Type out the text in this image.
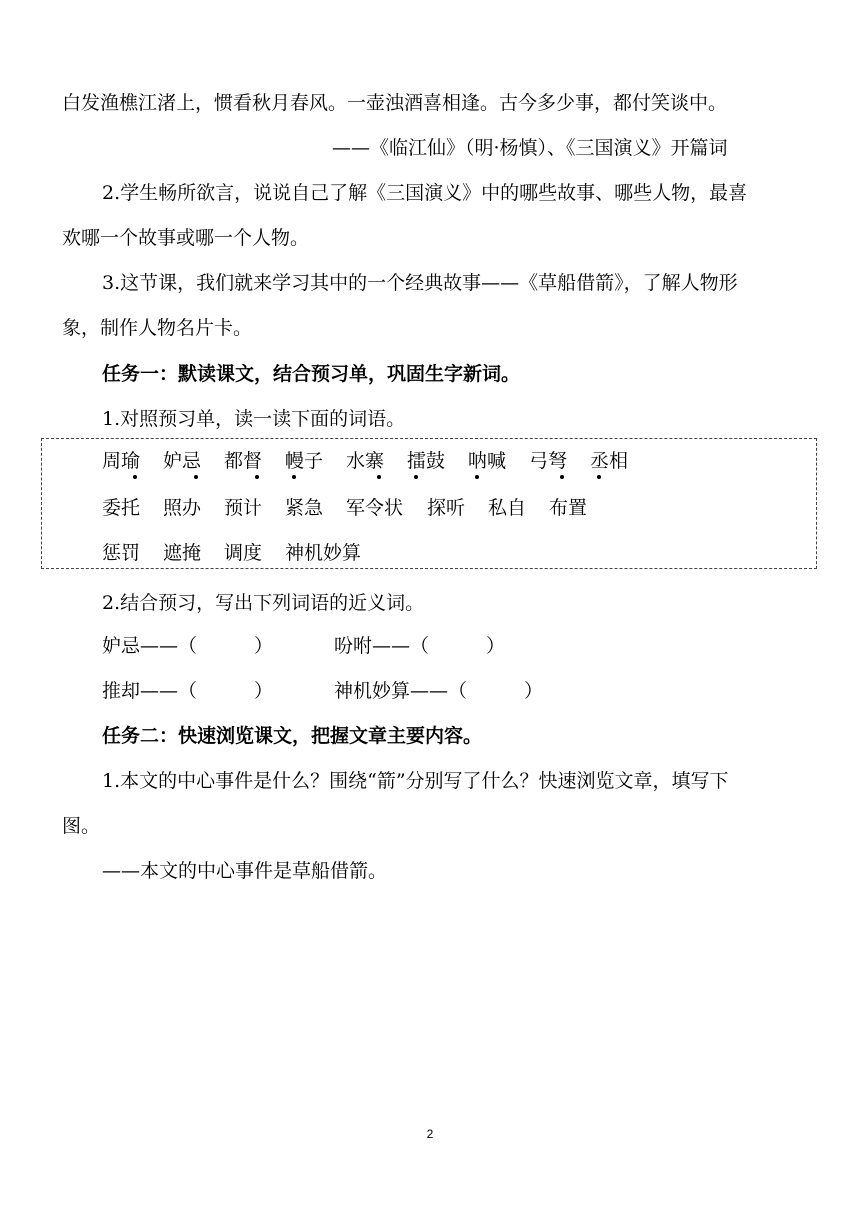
白发渔樵江渚上，惯看秋月春风。一壶浊酒喜相逢。古今多少事，都付笑谈中。

——《临江仙》（明·杨慎）、《三国演义》开篇词

2.学生畅所欲言，说说自己了解《三国演义》中的哪些故事、哪些人物，最喜

欢哪一个故事或哪一个人物。

3.这节课，我们就来学习其中的一个经典故事——《草船借箭》，了解人物形

象，制作人物名片卡。

任务一：默读课文，结合预习单，巩固生字新词。

1.对照预习单，读一读下面的词语。

周瑜 妒忌 都督 幔子 水寨 擂鼓 呐喊 弓弩 丞相
委托 照办 预计 紧急 军令状 探听 私自 布置
惩罚 遮掩 调度 神机妙算

2.结合预习，写出下列词语的近义词。

妒忌——（　　　）	吩咐——（　　　）

推却——（　　　）	神机妙算——（　　　）

任务二：快速浏览课文，把握文章主要内容。

1.本文的中心事件是什么？围绕“箭”分别写了什么？快速浏览文章，填写下

图。

——本文的中心事件是草船借箭。

2
